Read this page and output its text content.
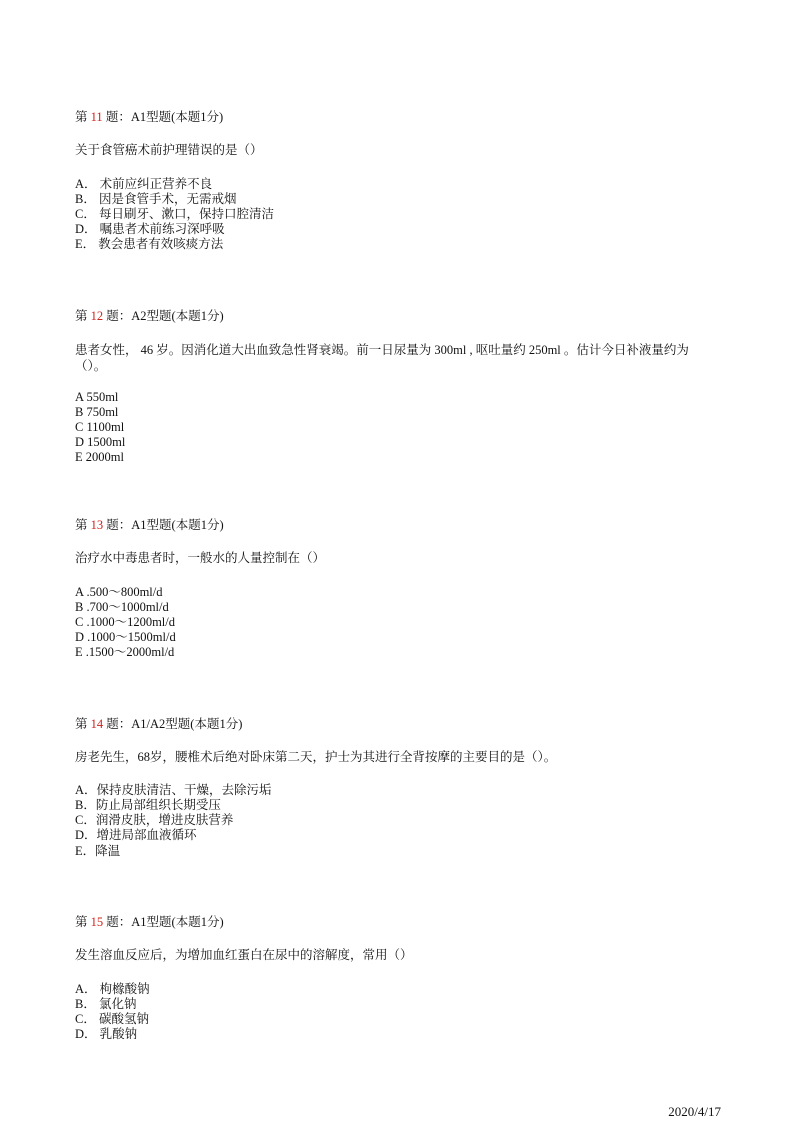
第 11 题：A1型题(本题1分)
关于食管癌术前护理错误的是（）
A． 术前应纠正营养不良
B． 因是食管手术，无需戒烟
C． 每日刷牙、漱口，保持口腔清洁
D． 嘱患者术前练习深呼吸
E． 教会患者有效咳痰方法
第 12 题：A2型题(本题1分)
患者女性， 46 岁。因消化道大出血致急性肾衰竭。前一日尿量为 300ml , 呕吐量约 250ml 。估计今日补液量约为
（）。
A 550ml
B 750ml
C 1100ml
D 1500ml
E 2000ml
第 13 题：A1型题(本题1分)
治疗水中毒患者时，一般水的人量控制在（）
A .500～800ml/d
B .700～1000ml/d
C .1000～1200ml/d
D .1000～1500ml/d
E .1500～2000ml/d
第 14 题：A1/A2型题(本题1分)
房老先生，68岁，腰椎术后绝对卧床第二天，护士为其进行全背按摩的主要目的是（）。
A．保持皮肤清洁、干燥，去除污垢
B．防止局部组织长期受压
C．润滑皮肤，增进皮肤营养
D．增进局部血液循环
E．降温
第 15 题：A1型题(本题1分)
发生溶血反应后，为增加血红蛋白在尿中的溶解度，常用（）
A． 枸橼酸钠
B． 氯化钠
C． 碳酸氢钠
D． 乳酸钠
2020/4/17
